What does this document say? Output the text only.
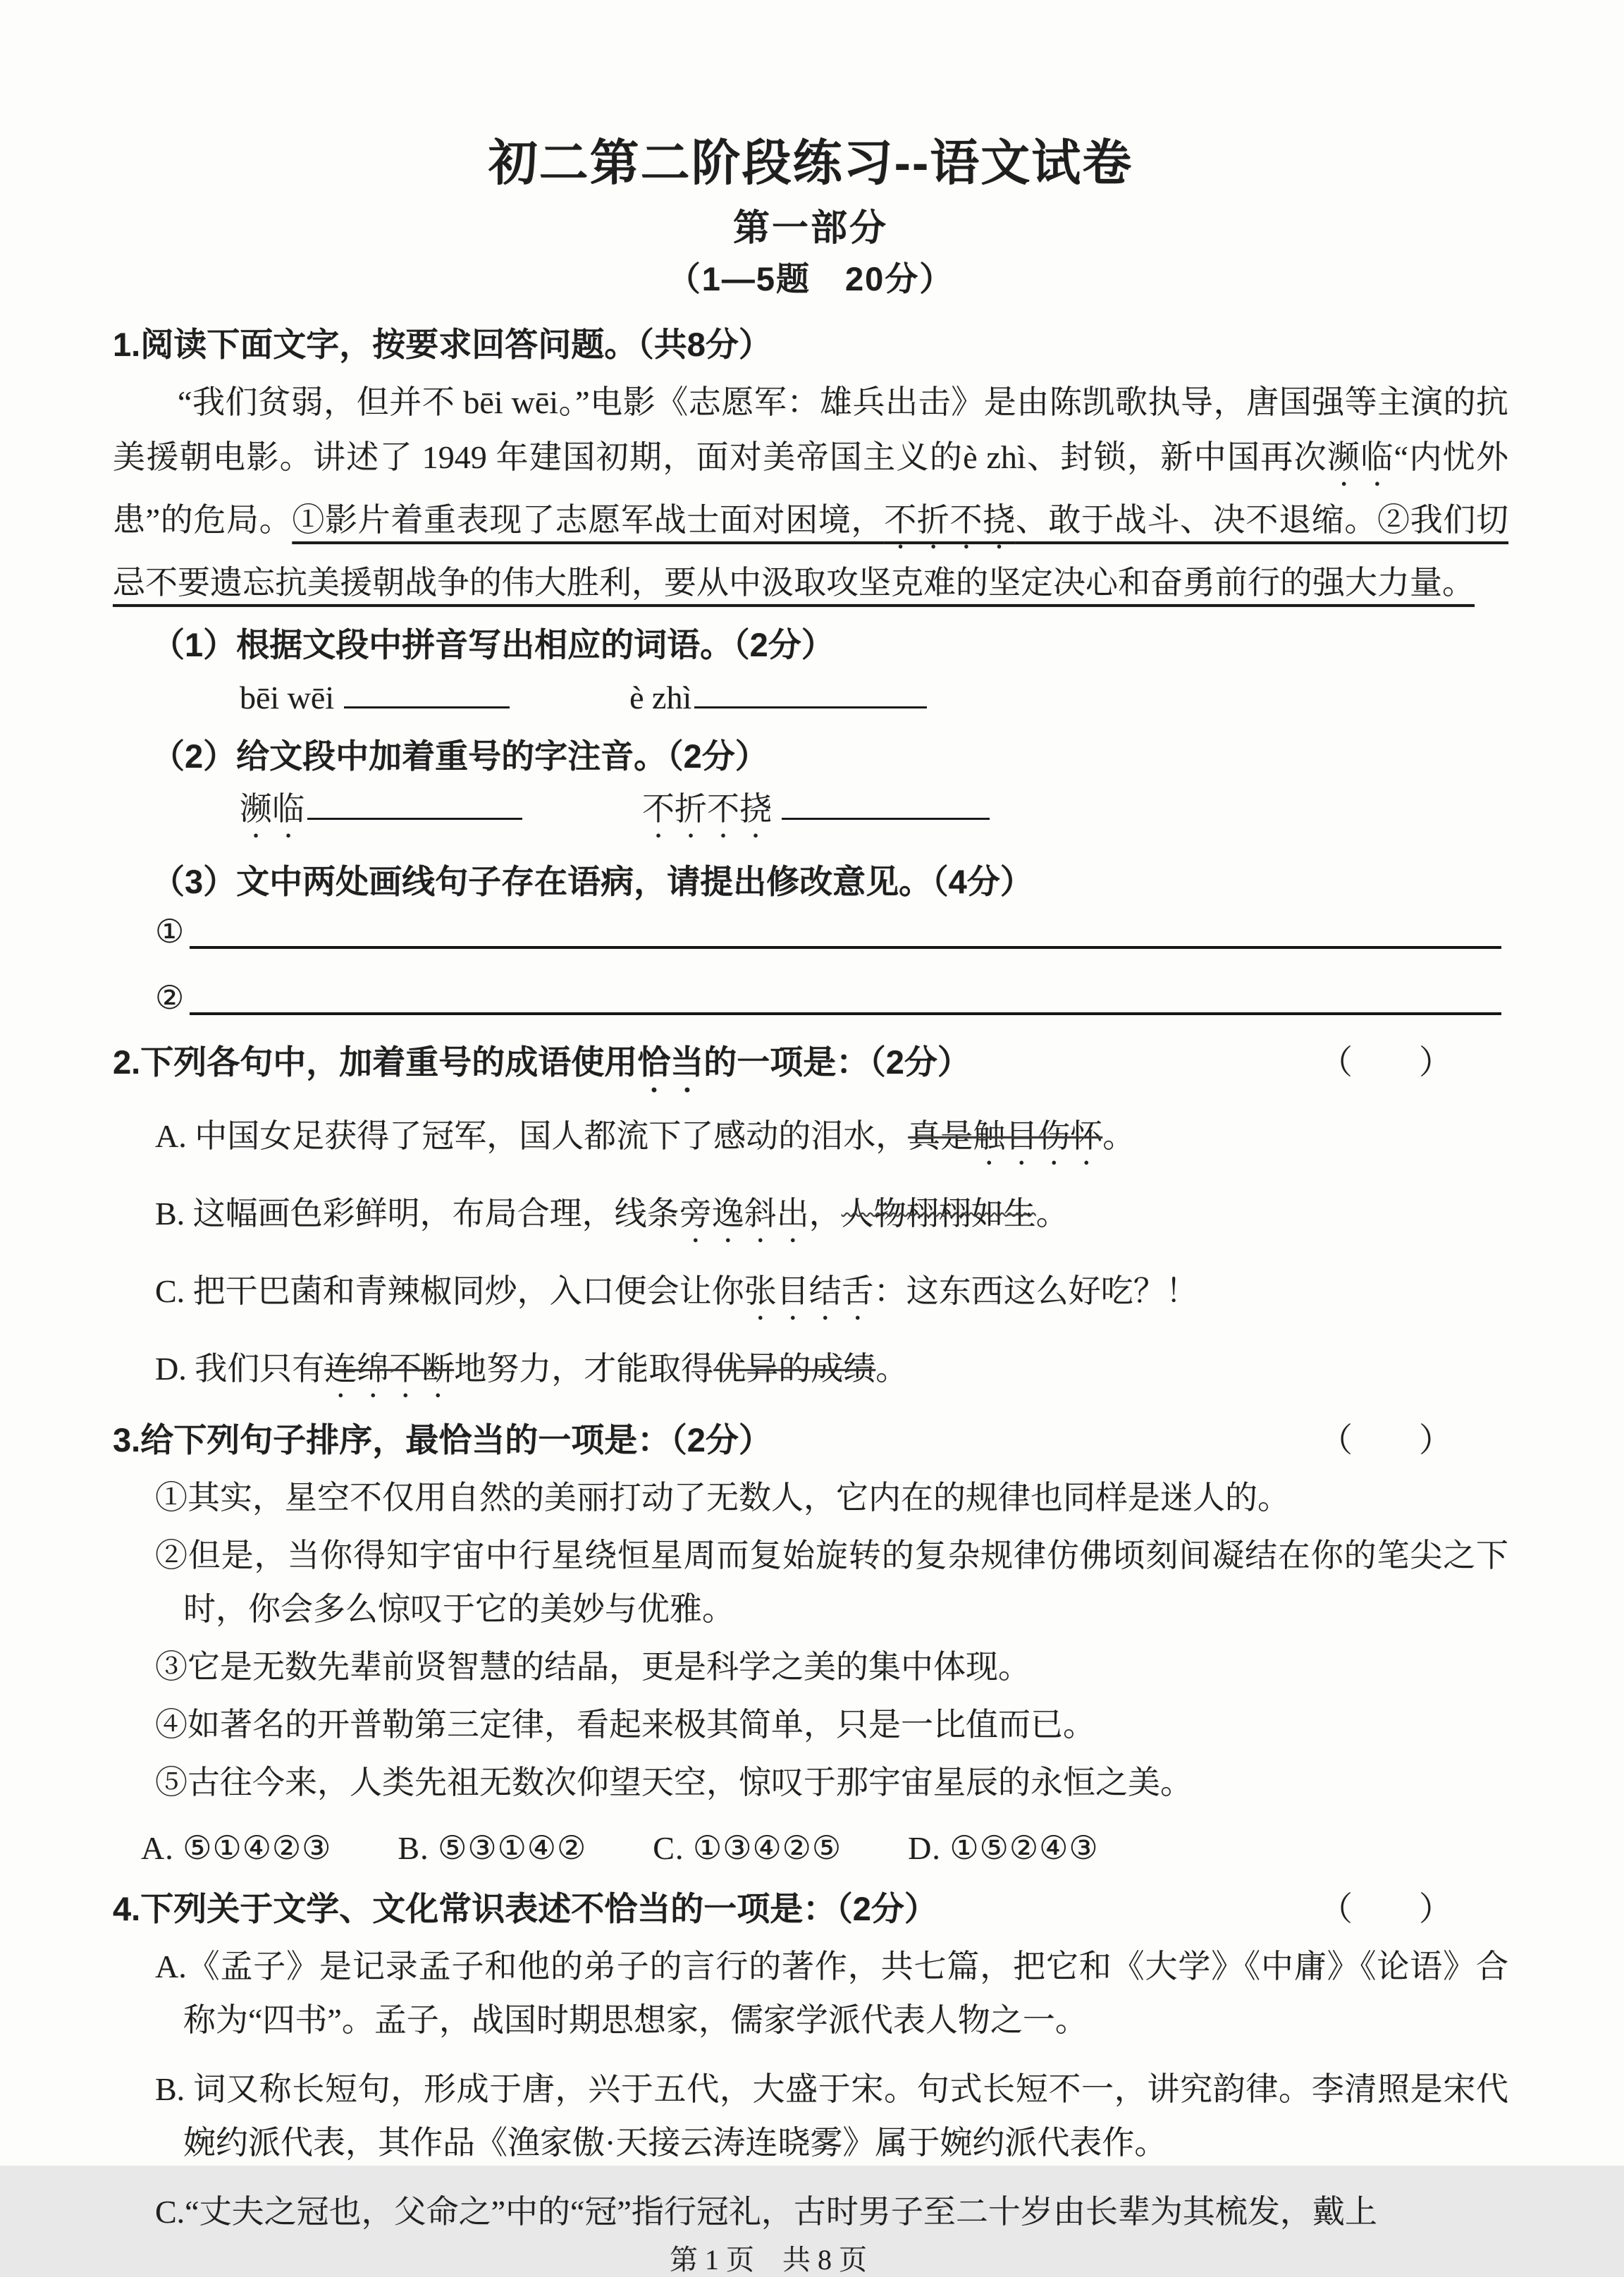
初二第二阶段练习--语文试卷
第一部分
（1—5题　20分）
1.阅读下面文字，按要求回答问题。（共8分）

“我们贫弱，但并不 bēi wēi。”电影《志愿军：雄兵出击》是由陈凯歌执导，唐国强等主演的抗美援朝电影。讲述了 1949 年建国初期，面对美帝国主义的è zhì、封锁，新中国再次濒临“内忧外患”的危局。①影片着重表现了志愿军战士面对困境，不折不挠、敢于战斗、决不退缩。②我们切忌不要遗忘抗美援朝战争的伟大胜利，要从中汲取攻坚克难的坚定决心和奋勇前行的强大力量。

（1）根据文段中拼音写出相应的词语。（2分）
bēi wēi	è zhì
（2）给文段中加着重号的字注音。（2分）
濒临	不折不挠
（3）文中两处画线句子存在语病，请提出修改意见。（4分）
①
②
2.下列各句中，加着重号的成语使用恰当的一项是：（2分）	（　　）
A. 中国女足获得了冠军，国人都流下了感动的泪水，真是触目伤怀。
B. 这幅画色彩鲜明，布局合理，线条旁逸斜出，人物栩栩如生。
C. 把干巴菌和青辣椒同炒，入口便会让你张目结舌：这东西这么好吃？！
D. 我们只有连绵不断地努力，才能取得优异的成绩。
3.给下列句子排序，最恰当的一项是：（2分）	（　　）
①其实，星空不仅用自然的美丽打动了无数人，它内在的规律也同样是迷人的。
②但是，当你得知宇宙中行星绕恒星周而复始旋转的复杂规律仿佛顷刻间凝结在你的笔尖之下时，你会多么惊叹于它的美妙与优雅。
③它是无数先辈前贤智慧的结晶，更是科学之美的集中体现。
④如著名的开普勒第三定律，看起来极其简单，只是一比值而已。
⑤古往今来，人类先祖无数次仰望天空，惊叹于那宇宙星辰的永恒之美。
A. ⑤①④②③　　B. ⑤③①④②　　C. ①③④②⑤　　D. ①⑤②④③
4.下列关于文学、文化常识表述不恰当的一项是：（2分）	（　　）
A.《孟子》是记录孟子和他的弟子的言行的著作，共七篇，把它和《大学》《中庸》《论语》合称为“四书”。孟子，战国时期思想家，儒家学派代表人物之一。
B. 词又称长短句，形成于唐，兴于五代，大盛于宋。句式长短不一，讲究韵律。李清照是宋代婉约派代表，其作品《渔家傲·天接云涛连晓雾》属于婉约派代表作。
C.“丈夫之冠也，父命之”中的“冠”指行冠礼，古时男子至二十岁由长辈为其梳发，戴上
第 1 页　共 8 页
